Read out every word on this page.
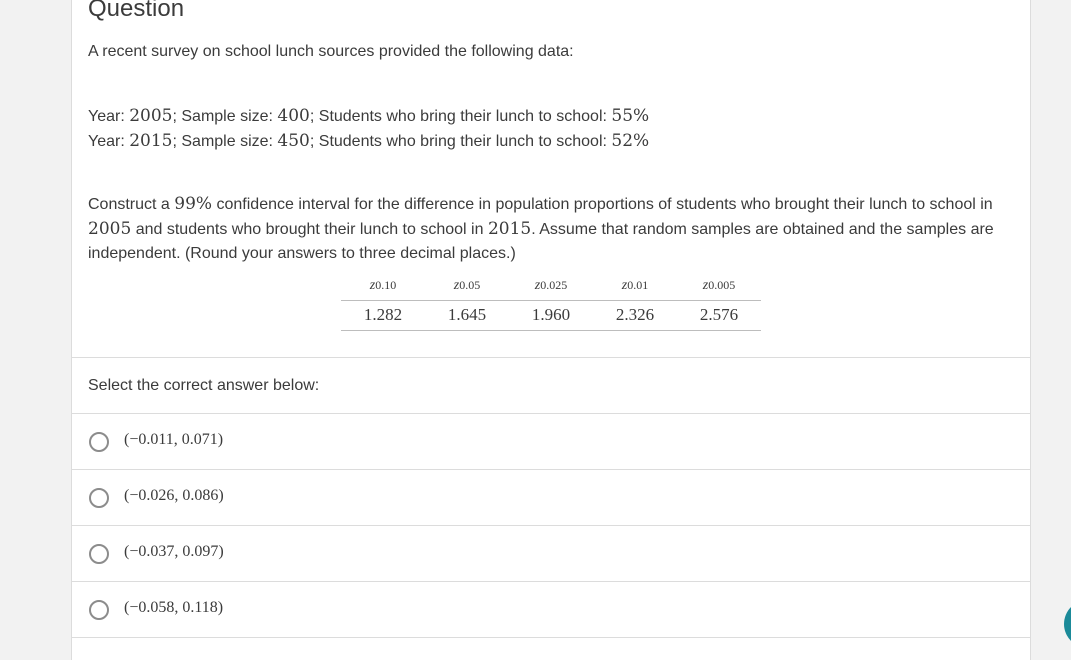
Question

A recent survey on school lunch sources provided the following data:

Year: 2005; Sample size: 400; Students who bring their lunch to school: 55%
Year: 2015; Sample size: 450; Students who bring their lunch to school: 52%

Construct a 99% confidence interval for the difference in population proportions of students who brought their lunch to school in 2005 and students who brought their lunch to school in 2015. Assume that random samples are obtained and the samples are independent. (Round your answers to three decimal places.)

z0.10	z0.05	z0.025	z0.01	z0.005
1.282	1.645	1.960	2.326	2.576

Select the correct answer below:

(−0.011, 0.071)
(−0.026, 0.086)
(−0.037, 0.097)
(−0.058, 0.118)
